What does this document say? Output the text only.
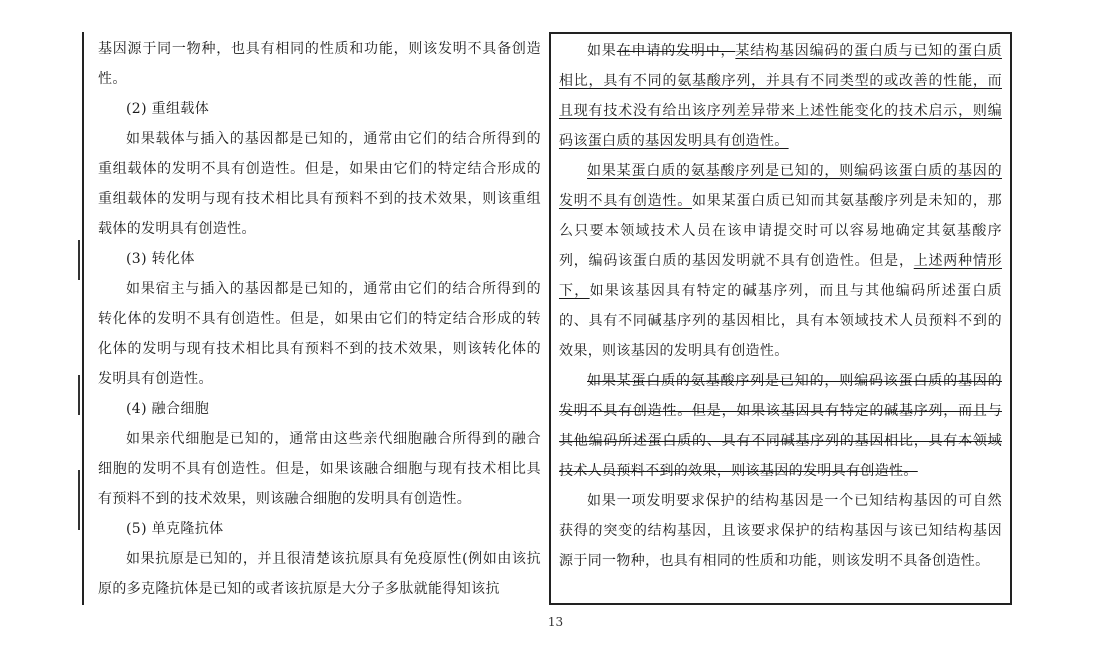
基因源于同一物种，也具有相同的性质和功能，则该发明不具备创造性。

(2) 重组载体

如果载体与插入的基因都是已知的，通常由它们的结合所得到的重组载体的发明不具有创造性。但是，如果由它们的特定结合形成的重组载体的发明与现有技术相比具有预料不到的技术效果，则该重组载体的发明具有创造性。

(3) 转化体

如果宿主与插入的基因都是已知的，通常由它们的结合所得到的转化体的发明不具有创造性。但是，如果由它们的特定结合形成的转化体的发明与现有技术相比具有预料不到的技术效果，则该转化体的发明具有创造性。

(4) 融合细胞

如果亲代细胞是已知的，通常由这些亲代细胞融合所得到的融合细胞的发明不具有创造性。但是，如果该融合细胞与现有技术相比具有预料不到的技术效果，则该融合细胞的发明具有创造性。

(5) 单克隆抗体

如果抗原是已知的，并且很清楚该抗原具有免疫原性(例如由该抗原的多克隆抗体是已知的或者该抗原是大分子多肽就能得知该抗

如果在申请的发明中，某结构基因编码的蛋白质与已知的蛋白质相比，具有不同的氨基酸序列，并具有不同类型的或改善的性能，而且现有技术没有给出该序列差异带来上述性能变化的技术启示，则编码该蛋白质的基因发明具有创造性。

如果某蛋白质的氨基酸序列是已知的，则编码该蛋白质的基因的发明不具有创造性。如果某蛋白质已知而其氨基酸序列是未知的，那么只要本领域技术人员在该申请提交时可以容易地确定其氨基酸序列，编码该蛋白质的基因发明就不具有创造性。但是，上述两种情形下，如果该基因具有特定的碱基序列，而且与其他编码所述蛋白质的、具有不同碱基序列的基因相比，具有本领域技术人员预料不到的效果，则该基因的发明具有创造性。

如果某蛋白质的氨基酸序列是已知的，则编码该蛋白质的基因的发明不具有创造性。但是，如果该基因具有特定的碱基序列，而且与其他编码所述蛋白质的、具有不同碱基序列的基因相比，具有本领域技术人员预料不到的效果，则该基因的发明具有创造性。

如果一项发明要求保护的结构基因是一个已知结构基因的可自然获得的突变的结构基因，且该要求保护的结构基因与该已知结构基因源于同一物种，也具有相同的性质和功能，则该发明不具备创造性。

13
